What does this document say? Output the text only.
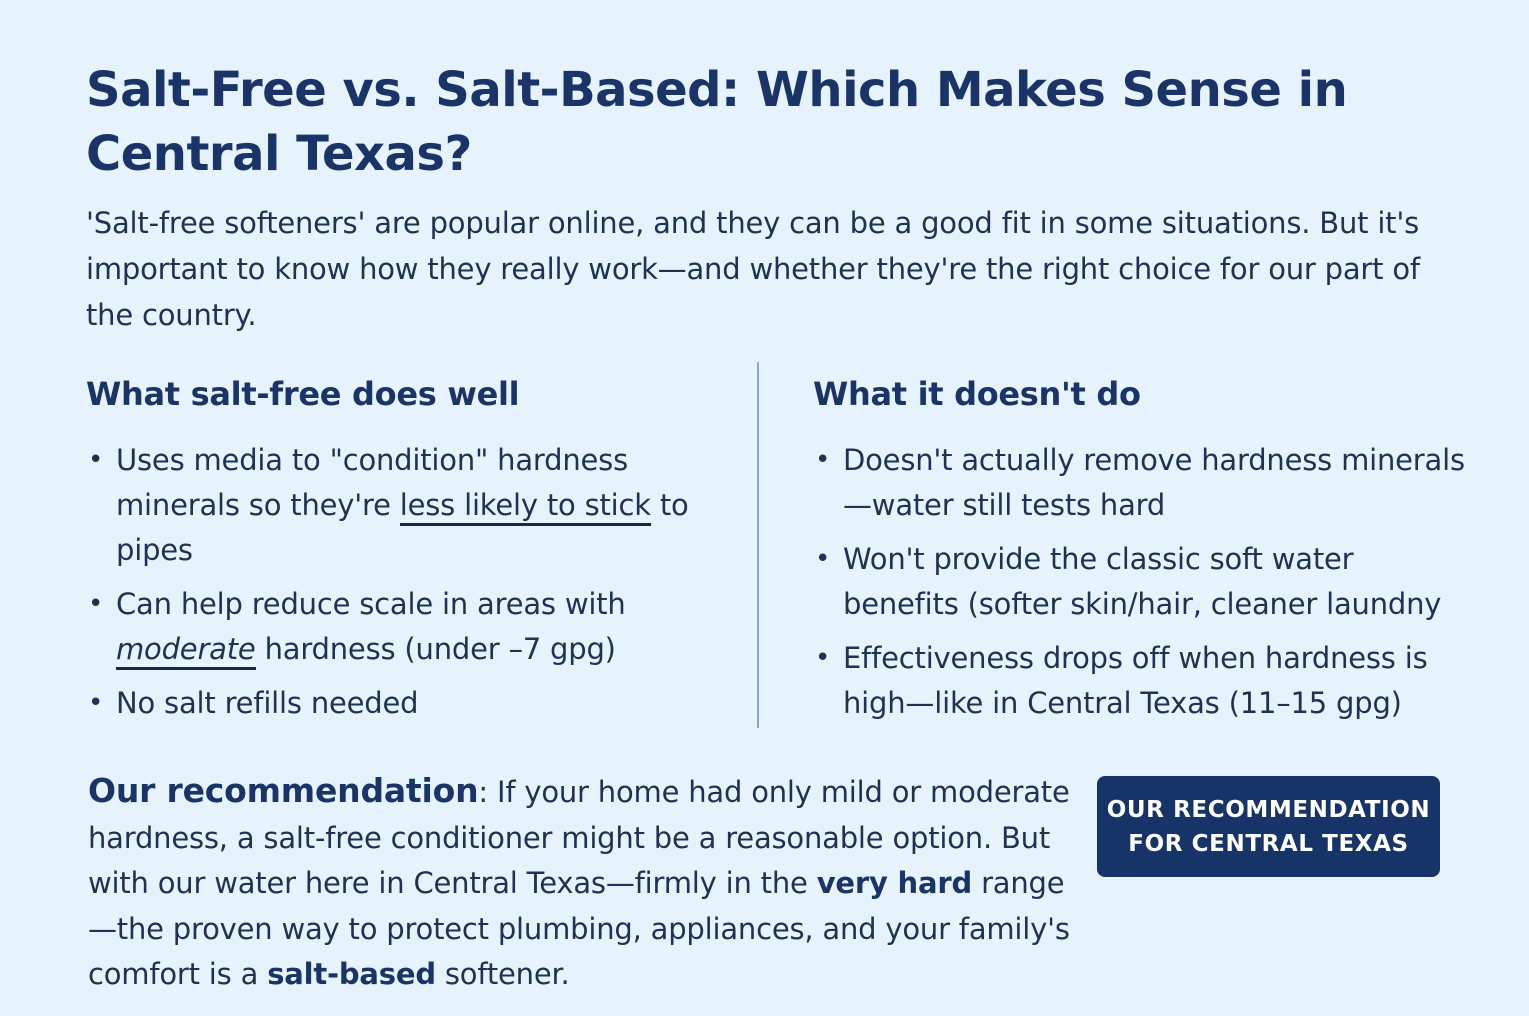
Salt-Free vs. Salt-Based: Which Makes Sense in Central Texas?

'Salt-free softeners' are popular online, and they can be a good fit in some situations. But it's important to know how they really work—and whether they're the right choice for our part of the country.

What salt-free does well
• Uses media to "condition" hardness minerals so they're less likely to stick to pipes
• Can help reduce scale in areas with moderate hardness (under –7 gpg)
• No salt refills needed
What it doesn't do
• Doesn't actually remove hardness minerals—water still tests hard
• Won't provide the classic soft water benefits (softer skin/hair, cleaner laundny
• Effectiveness drops off when hardness is high—like in Central Texas (11–15 gpg)

Our recommendation: If your home had only mild or moderate hardness, a salt-free conditioner might be a reasonable option. But with our water here in Central Texas—firmly in the very hard range—the proven way to protect plumbing, appliances, and your family's comfort is a salt-based softener.

OUR RECOMMENDATION
FOR CENTRAL TEXAS
